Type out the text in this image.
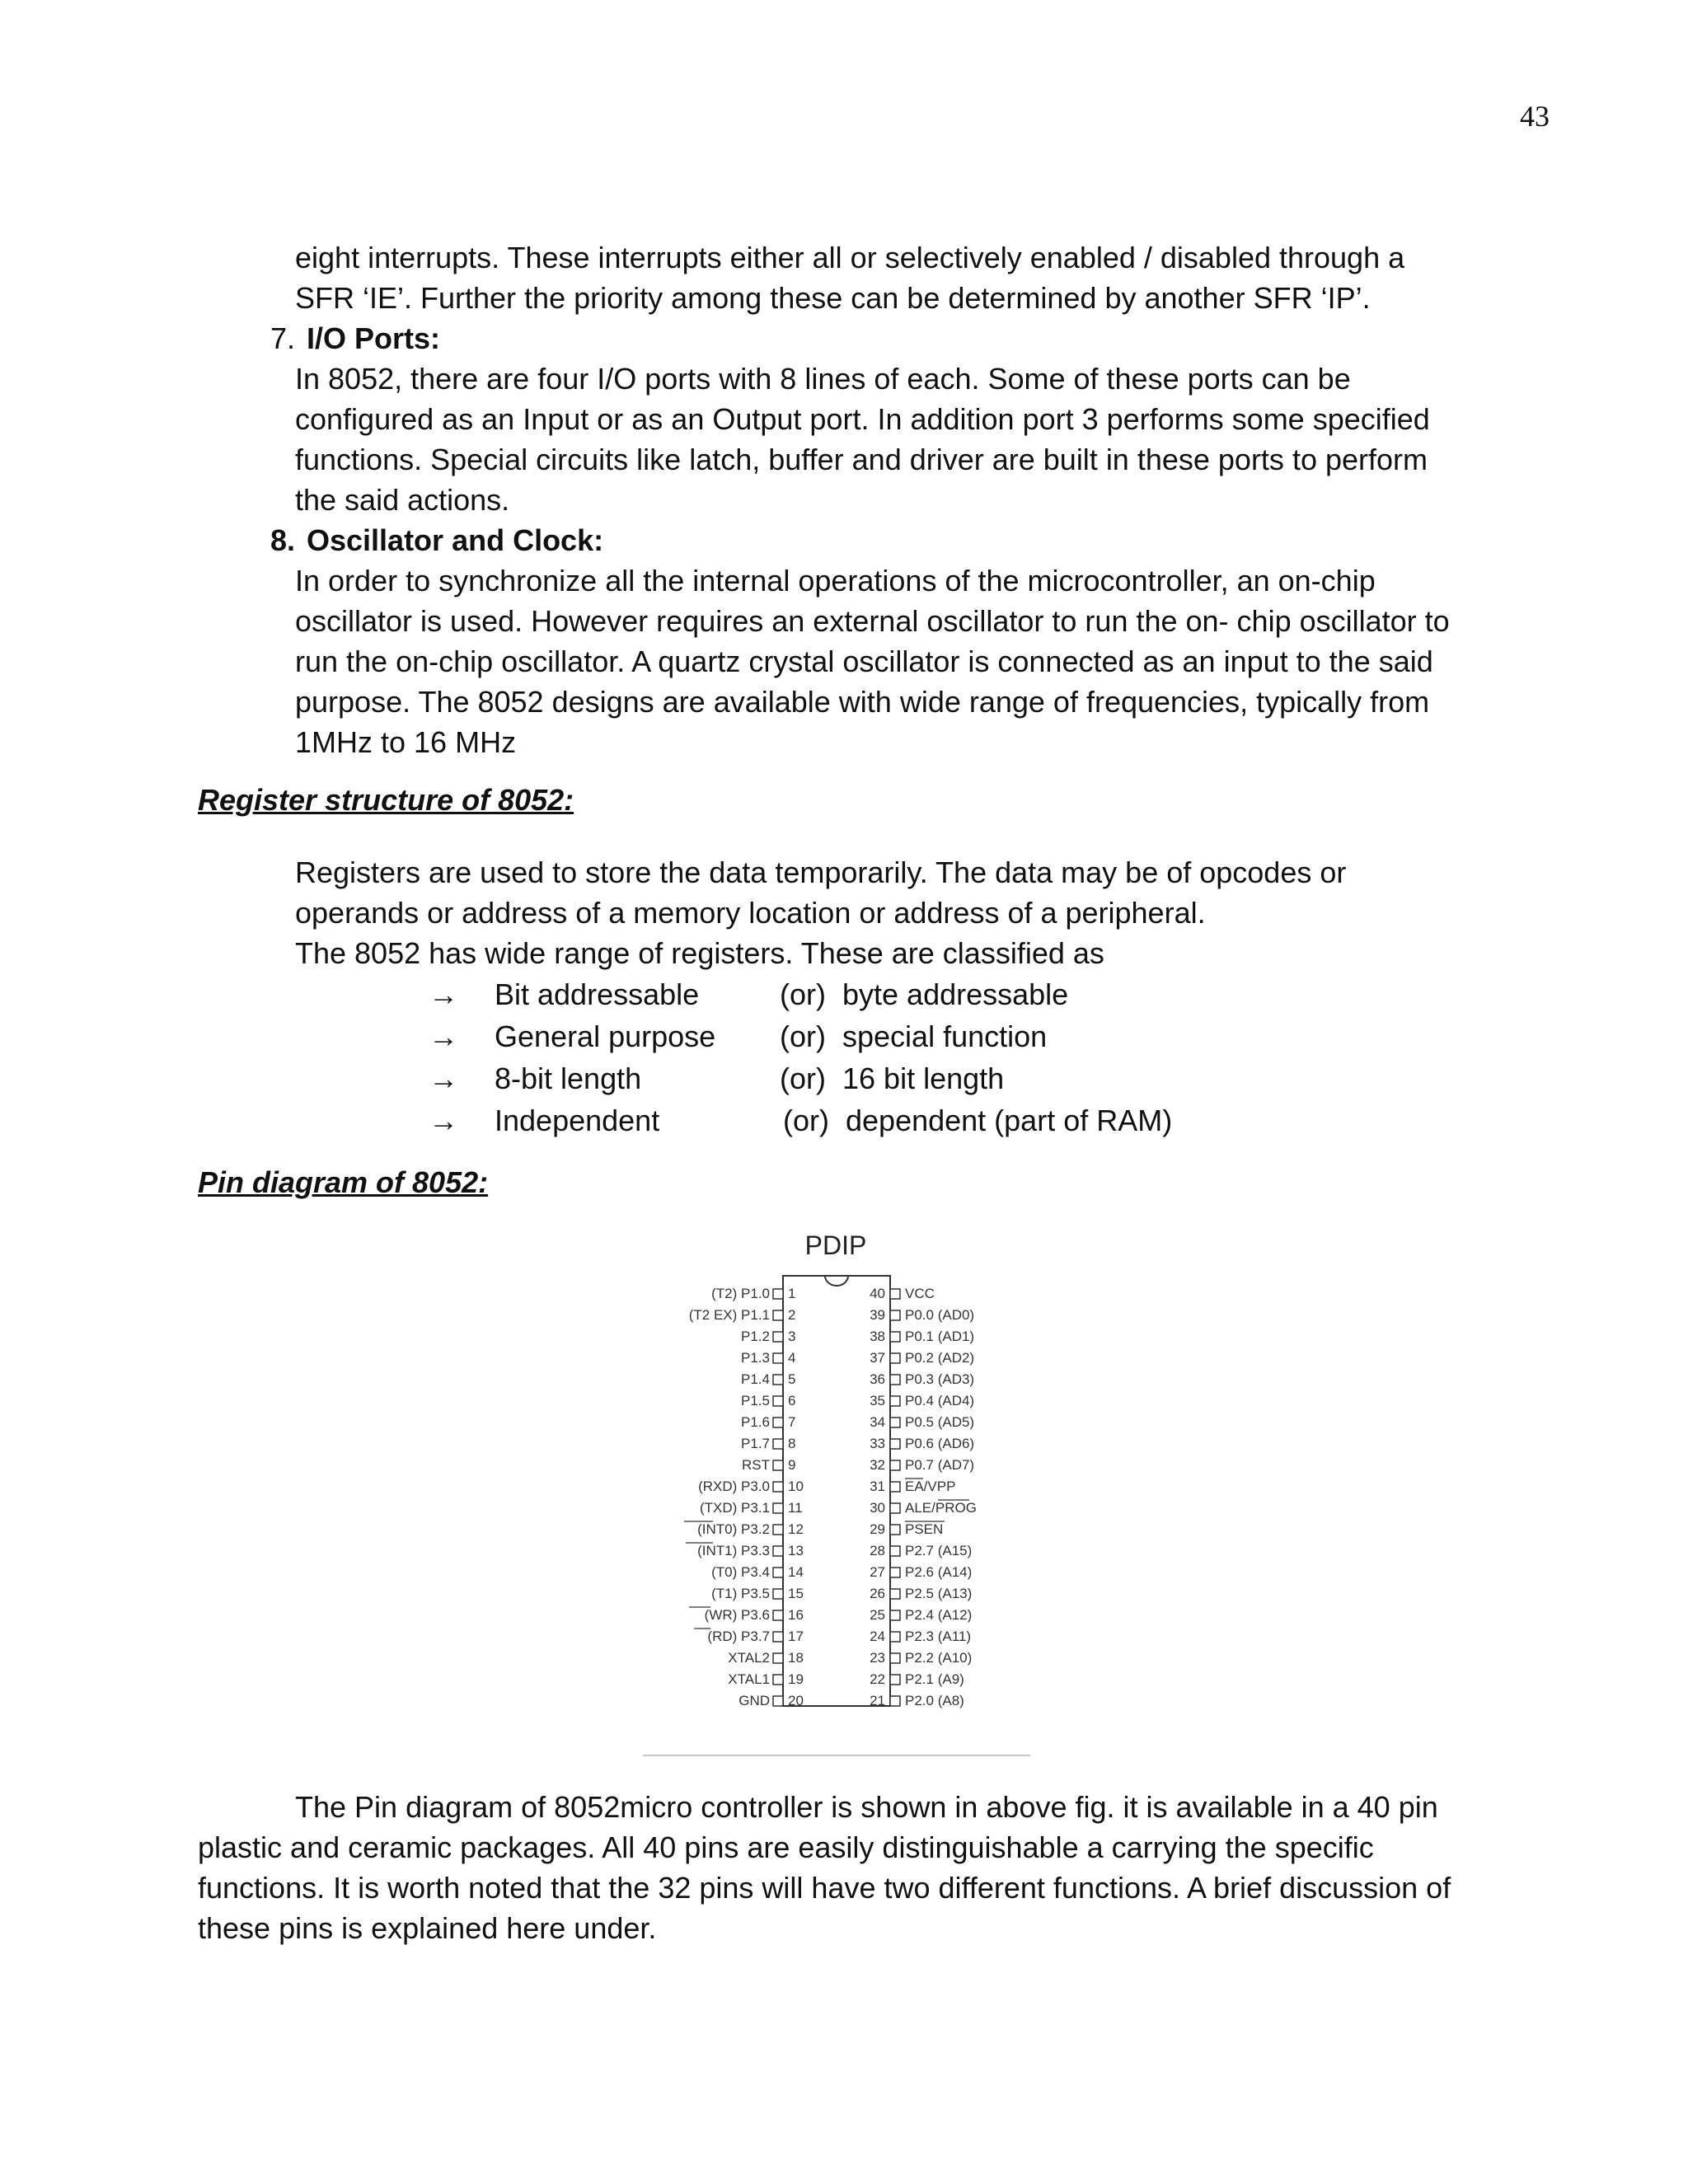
43
eight interrupts. These interrupts either all or selectively enabled / disabled through a
SFR ‘IE’. Further the priority among these can be determined by another SFR ‘IP’.
7. I/O Ports:
In 8052, there are four I/O ports with 8 lines of each. Some of these ports can be
configured as an Input or as an Output port. In addition port 3 performs some specified
functions. Special circuits like latch, buffer and driver are built in these ports to perform
the said actions.
8. Oscillator and Clock:
In order to synchronize all the internal operations of the microcontroller, an on-chip
oscillator is used. However requires an external oscillator to run the on- chip oscillator to
run the on-chip oscillator. A quartz crystal oscillator is connected as an input to the said
purpose. The 8052 designs are available with wide range of frequencies, typically from
1MHz to 16 MHz
Register structure of 8052:
Registers are used to store the data temporarily. The data may be of opcodes or
operands or address of a memory location or address of a peripheral.
The 8052 has wide range of registers. These are classified as
→ Bit addressable	(or) byte addressable
→ General purpose (or) special function
→ 8-bit length	(or) 16 bit length
→ Independent	(or) dependent (part of RAM)
Pin diagram of 8052:
PDIP
(T2) P1.0 1
(T2 EX) P1.1 2
P1.2 3
P1.3 4
P1.4 5
P1.5 6
P1.6 7
P1.7 8
RST 9
(RXD) P3.0 10
(TXD) P3.1 11
(INT0) P3.2 12
(INT1) P3.3 13
(T0) P3.4 14
(T1) P3.5 15
(WR) P3.6 16
(RD) P3.7 17
XTAL2 18
XTAL1 19
GND 20
40 VCC
39 P0.0 (AD0)
38 P0.1 (AD1)
37 P0.2 (AD2)
36 P0.3 (AD3)
35 P0.4 (AD4)
34 P0.5 (AD5)
33 P0.6 (AD6)
32 P0.7 (AD7)
31 EA/VPP
30 ALE/PROG
29 PSEN
28 P2.7 (A15)
27 P2.6 (A14)
26 P2.5 (A13)
25 P2.4 (A12)
24 P2.3 (A11)
23 P2.2 (A10)
22 P2.1 (A9)
21 P2.0 (A8)
The Pin diagram of 8052micro controller is shown in above fig. it is available in a 40 pin
plastic and ceramic packages. All 40 pins are easily distinguishable a carrying the specific
functions. It is worth noted that the 32 pins will have two different functions. A brief discussion of
these pins is explained here under.
